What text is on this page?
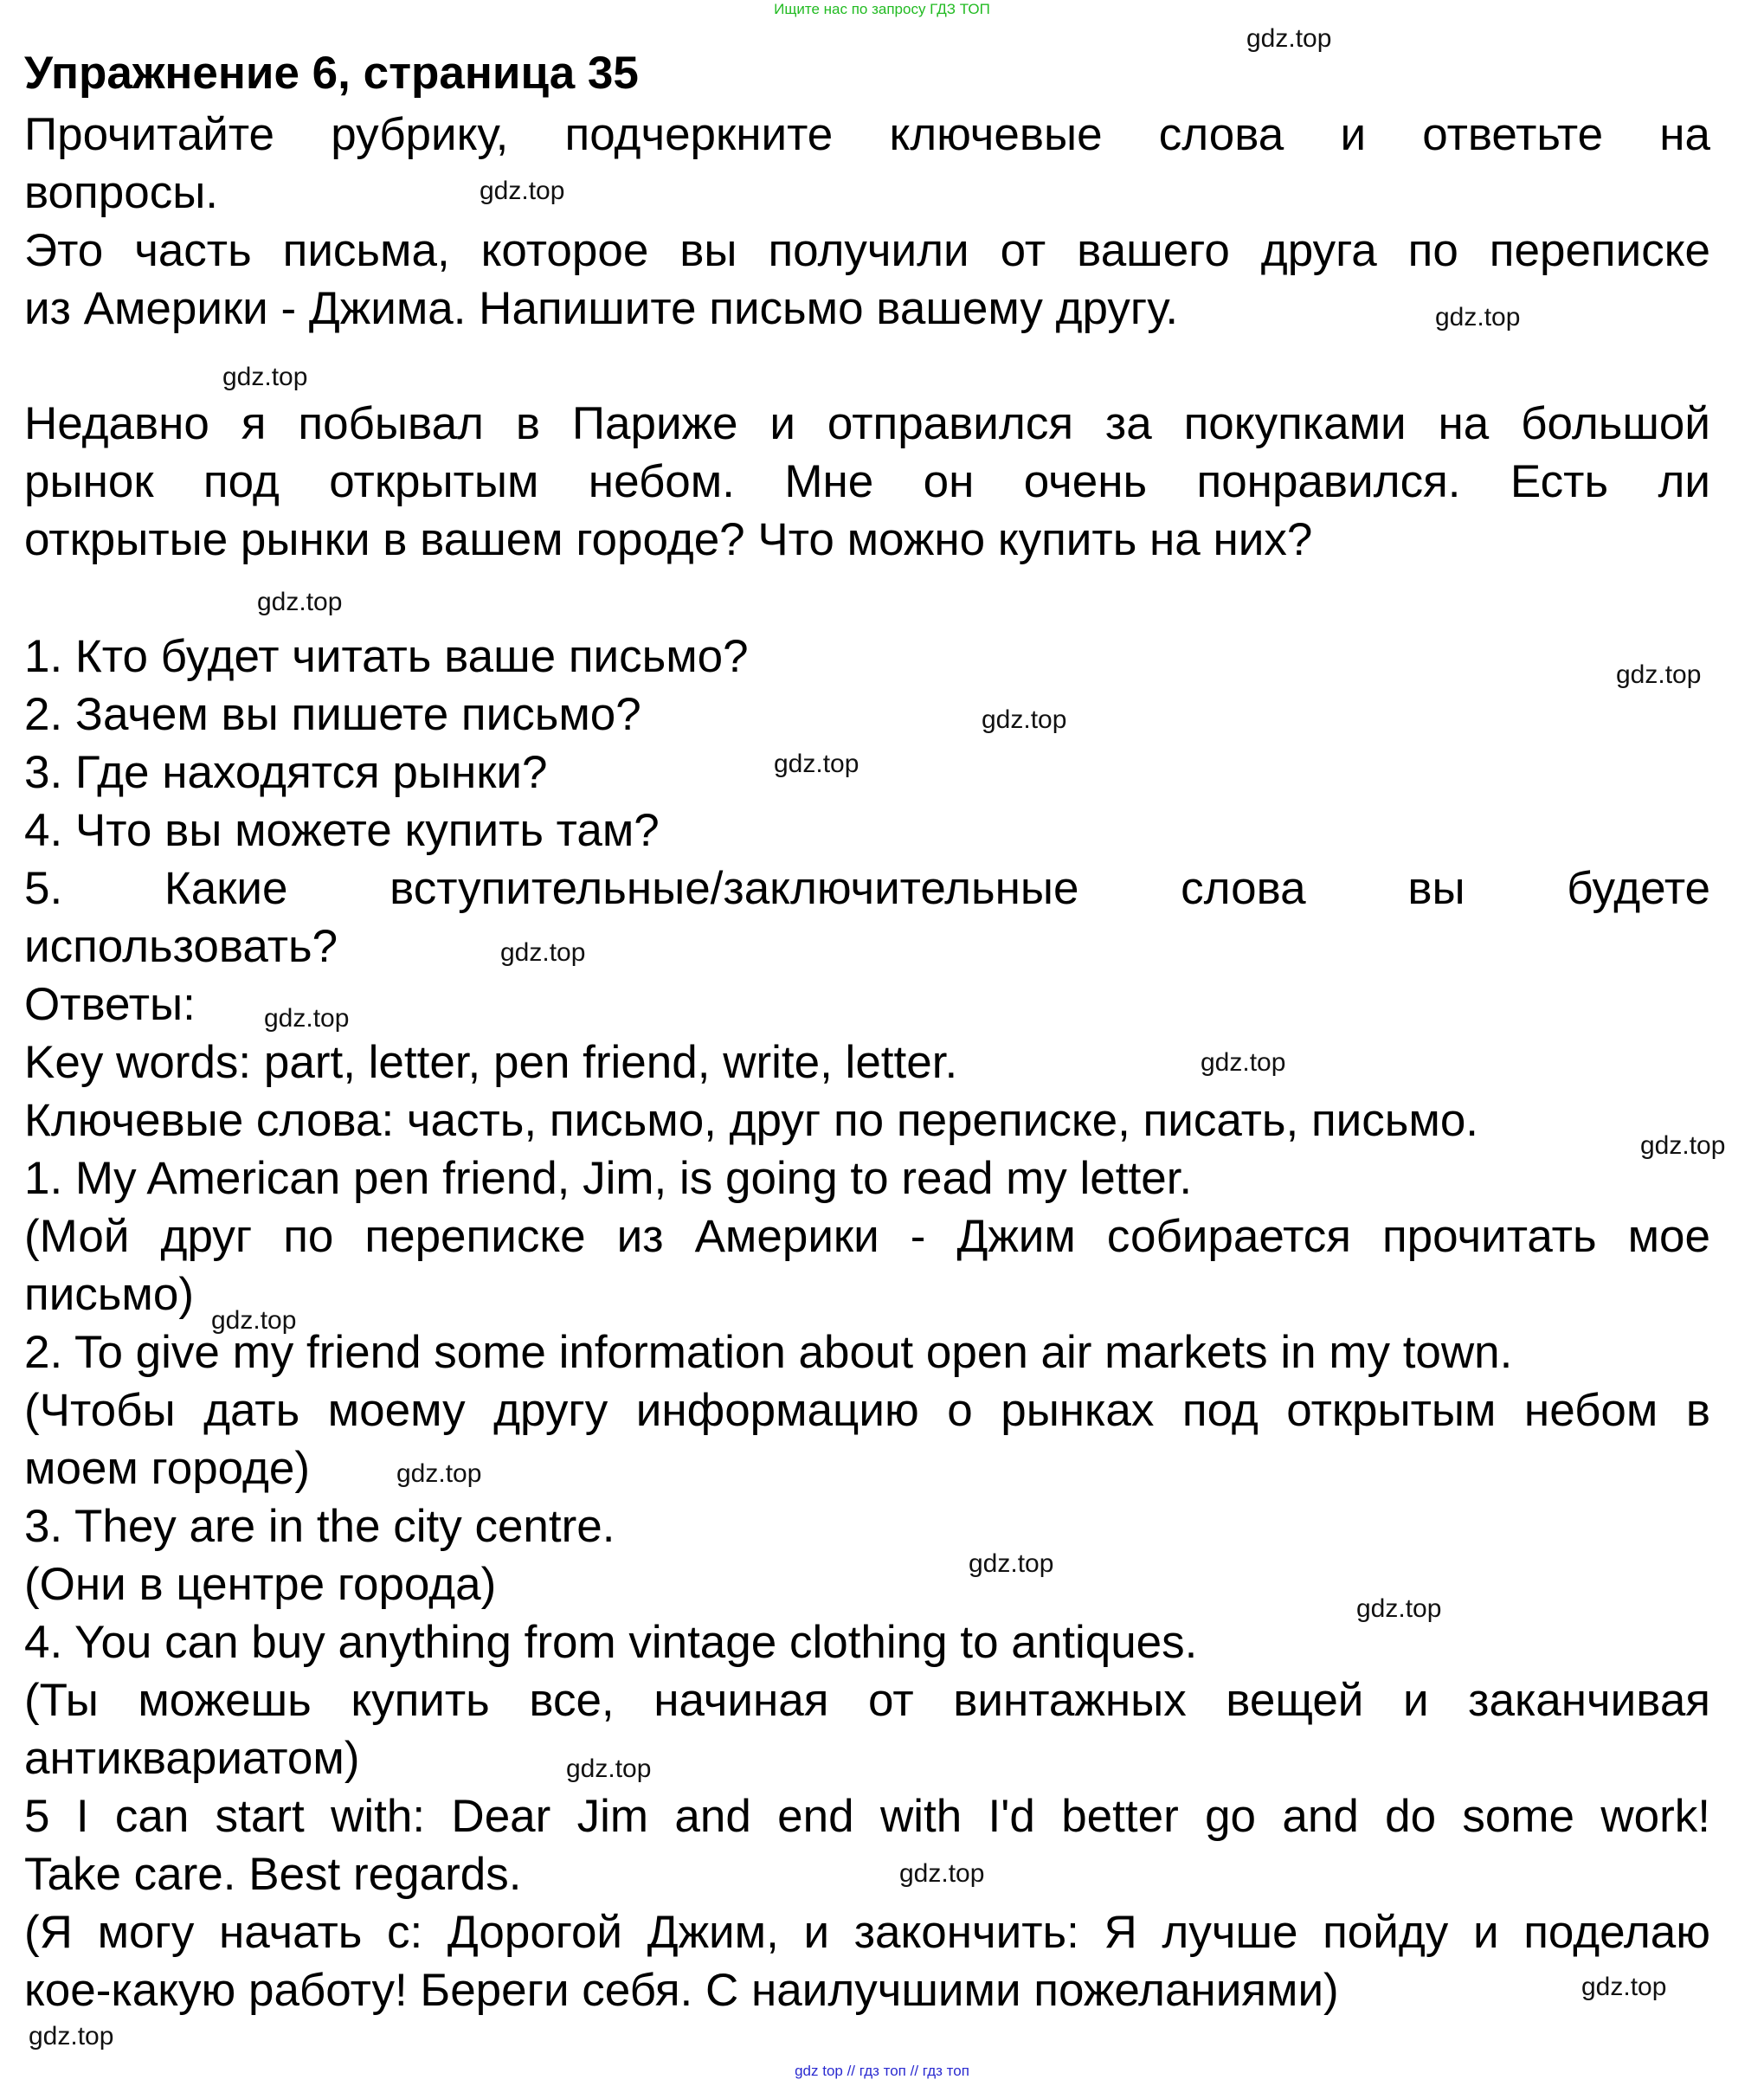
Ищите нас по запросу ГДЗ ТОП
Упражнение 6, страница 35
Прочитайте рубрику, подчеркните ключевые слова и ответьте на
вопросы.
Это часть письма, которое вы получили от вашего друга по переписке
из Америки - Джима. Напишите письмо вашему другу.
Недавно я побывал в Париже и отправился за покупками на большой
рынок под открытым небом. Мне он очень понравился. Есть ли
открытые рынки в вашем городе? Что можно купить на них?
1. Кто будет читать ваше письмо?
2. Зачем вы пишете письмо?
3. Где находятся рынки?
4. Что вы можете купить там?
5. Какие вступительные/заключительные слова вы будете
использовать?
Ответы:
Key words: part, letter, pen friend, write, letter.
Ключевые слова: часть, письмо, друг по переписке, писать, письмо.
1. My American pen friend, Jim, is going to read my letter.
(Мой друг по переписке из Америки - Джим собирается прочитать мое
письмо)
2. To give my friend some information about open air markets in my town.
(Чтобы дать моему другу информацию о рынках под открытым небом в
моем городе)
3. They are in the city centre.
(Они в центре города)
4. You can buy anything from vintage clothing to antiques.
(Ты можешь купить все, начиная от винтажных вещей и заканчивая
антиквариатом)
5 I can start with: Dear Jim and end with I'd better go and do some work!
Take care. Best regards.
(Я могу начать с: Дорогой Джим, и закончить: Я лучше пойду и поделаю
кое-какую работу! Береги себя. С наилучшими пожеланиями)
gdz.top
gdz.top
gdz.top
gdz.top
gdz.top
gdz.top
gdz.top
gdz.top
gdz.top
gdz.top
gdz.top
gdz.top
gdz.top
gdz.top
gdz.top
gdz.top
gdz.top
gdz.top
gdz.top
gdz.top
gdz top // гдз топ // гдз топ
